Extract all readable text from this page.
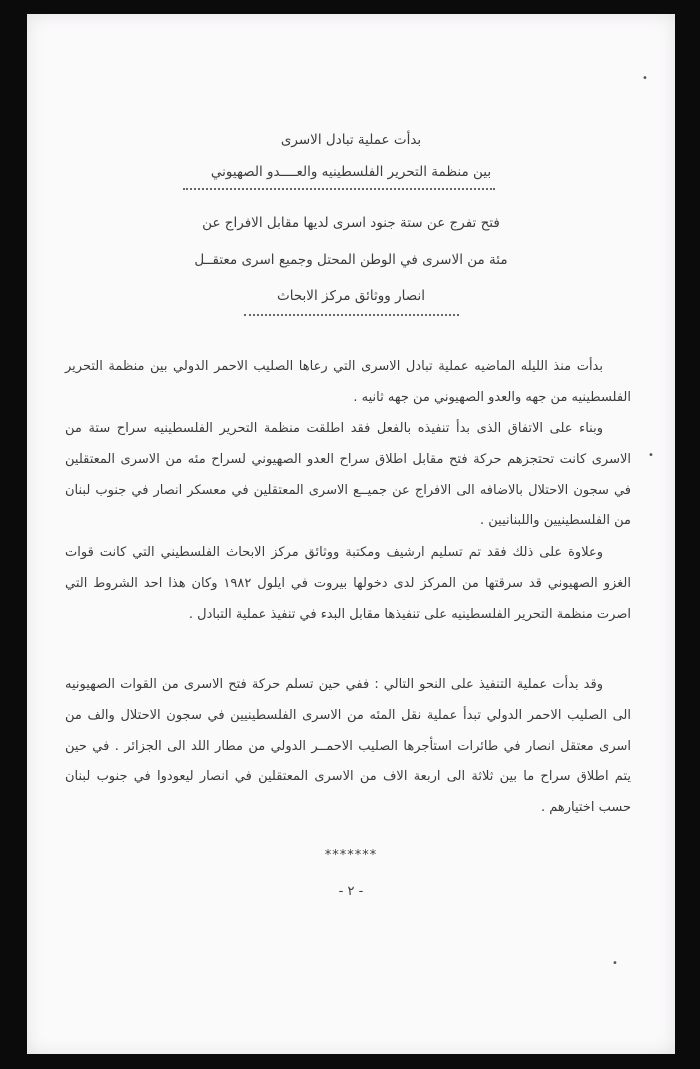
•
•
•
بدأت عملية تبادل الاسرى
بين منظمة التحرير الفلسطينيه والعــــدو الصهيوني
فتح تفرج عن ستة جنود اسرى لديها مقابل الافراج عن
مئة من الاسرى في الوطن المحتل وجميع اسرى معتقــل
انصار ووثائق مركز الابحاث
بدأت منذ الليله الماضيه عملية تبادل الاسرى التي رعاها الصليب الاحمر الدولي بين منظمة التحرير الفلسطينيه من جهه والعدو الصهيوني من جهه ثانيه .
وبناء على الاتفاق الذى بدأ تنفيذه بالفعل فقد اطلقت منظمة التحرير الفلسطينيه سراح ستة من الاسرى كانت تحتجزهم حركة فتح مقابل اطلاق سراح العدو الصهيوني لسراح مئه من الاسرى المعتقلين في سجون الاحتلال بالاضافه الى الافراج عن جميــع الاسرى المعتقلين في معسكر انصار في جنوب لبنان من الفلسطينيين واللبنانيين .
وعلاوة على ذلك فقد تم تسليم ارشيف ومكتبة ووثائق مركز الابحاث الفلسطيني التي كانت قوات الغزو الصهيوني قد سرقتها من المركز لدى دخولها بيروت في ايلول ١٩٨٢ وكان هذا احد الشروط التي اصرت منظمة التحرير الفلسطينيه على تنفيذها مقابل البدء في تنفيذ عملية التبادل .
وقد بدأت عملية التنفيذ على النحو التالي : ففي حين تسلم حركة فتح الاسرى من القوات الصهيونيه الى الصليب الاحمر الدولي تبدأ عملية نقل المئه من الاسرى الفلسطينيين في سجون الاحتلال والف من اسرى معتقل انصار في طائرات استأجرها الصليب الاحمــر الدولي من مطار اللد الى الجزائر . في حين يتم اطلاق سراح ما بين ثلاثة الى اربعة الاف من الاسرى المعتقلين في انصار ليعودوا في جنوب لبنان حسب اختيارهم .
*******
- ٢ -
